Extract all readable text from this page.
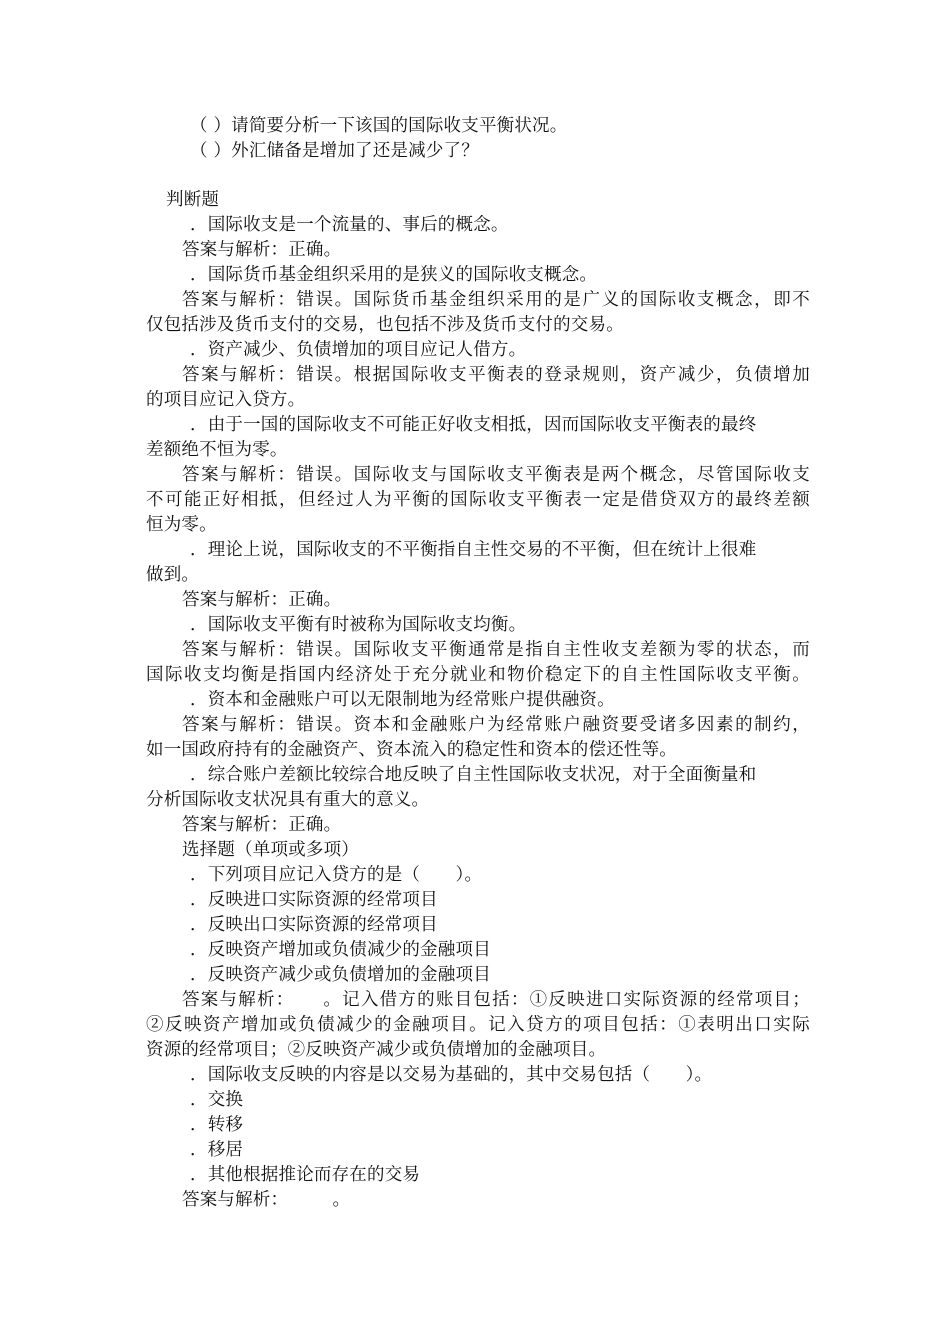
（ ）请简要分析一下该国的国际收支平衡状况。
（ ）外汇储备是增加了还是减少了？
判断题
．国际收支是一个流量的、事后的概念。
答案与解析：正确。
．国际货币基金组织采用的是狭义的国际收支概念。
答案与解析：错误。国际货币基金组织采用的是广义的国际收支概念，即不
仅包括涉及货币支付的交易，也包括不涉及货币支付的交易。
．资产减少、负债增加的项目应记人借方。
答案与解析：错误。根据国际收支平衡表的登录规则，资产减少，负债增加
的项目应记入贷方。
．由于一国的国际收支不可能正好收支相抵，因而国际收支平衡表的最终
差额绝不恒为零。
答案与解析：错误。国际收支与国际收支平衡表是两个概念，尽管国际收支
不可能正好相抵，但经过人为平衡的国际收支平衡表一定是借贷双方的最终差额
恒为零。
．理论上说，国际收支的不平衡指自主性交易的不平衡，但在统计上很难
做到。
答案与解析：正确。
．国际收支平衡有时被称为国际收支均衡。
答案与解析：错误。国际收支平衡通常是指自主性收支差额为零的状态，而
国际收支均衡是指国内经济处于充分就业和物价稳定下的自主性国际收支平衡。
．资本和金融账户可以无限制地为经常账户提供融资。
答案与解析：错误。资本和金融账户为经常账户融资要受诸多因素的制约，
如一国政府持有的金融资产、资本流入的稳定性和资本的偿还性等。
．综合账户差额比较综合地反映了自主性国际收支状况，对于全面衡量和
分析国际收支状况具有重大的意义。
答案与解析：正确。
选择题（单项或多项）
．下列项目应记入贷方的是（　　）。
．反映进口实际资源的经常项目
．反映出口实际资源的经常项目
．反映资产增加或负债减少的金融项目
．反映资产减少或负债增加的金融项目
答案与解析：　　。记入借方的账目包括：①反映进口实际资源的经常项目；
②反映资产增加或负债减少的金融项目。记入贷方的项目包括：①表明出口实际
资源的经常项目；②反映资产减少或负债增加的金融项目。
．国际收支反映的内容是以交易为基础的，其中交易包括（　　）。
．交换
．转移
．移居
．其他根据推论而存在的交易
答案与解析：　　　。
